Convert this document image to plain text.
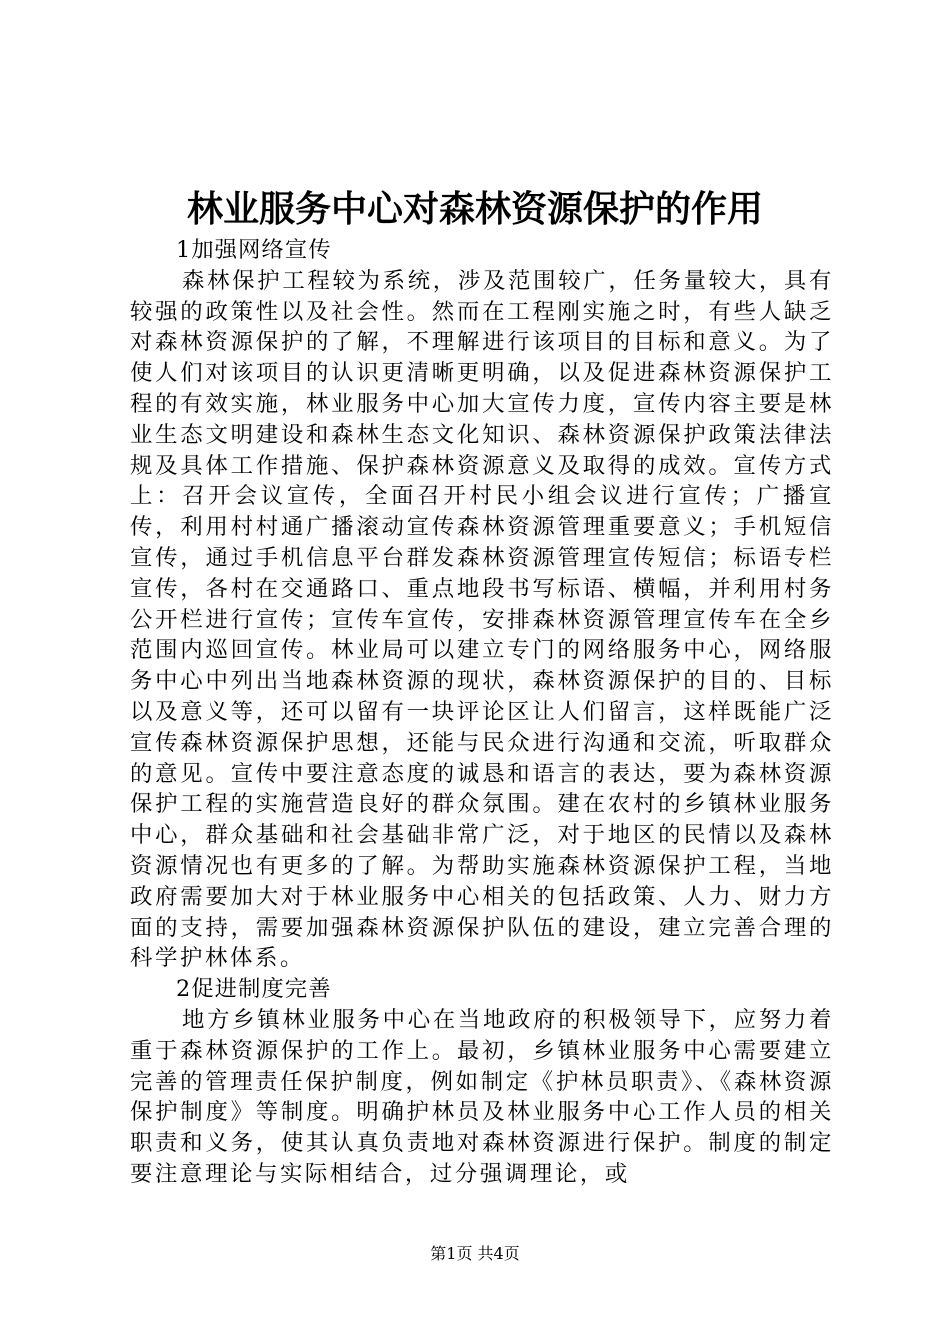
林业服务中心对森林资源保护的作用

1加强网络宣传

森林保护工程较为系统，涉及范围较广，任务量较大，具有较强的政策性以及社会性。然而在工程刚实施之时，有些人缺乏对森林资源保护的了解，不理解进行该项目的目标和意义。为了使人们对该项目的认识更清晰更明确，以及促进森林资源保护工程的有效实施，林业服务中心加大宣传力度，宣传内容主要是林业生态文明建设和森林生态文化知识、森林资源保护政策法律法规及具体工作措施、保护森林资源意义及取得的成效。宣传方式上：召开会议宣传，全面召开村民小组会议进行宣传；广播宣传，利用村村通广播滚动宣传森林资源管理重要意义；手机短信宣传，通过手机信息平台群发森林资源管理宣传短信；标语专栏宣传，各村在交通路口、重点地段书写标语、横幅，并利用村务公开栏进行宣传；宣传车宣传，安排森林资源管理宣传车在全乡范围内巡回宣传。林业局可以建立专门的网络服务中心，网络服务中心中列出当地森林资源的现状，森林资源保护的目的、目标以及意义等，还可以留有一块评论区让人们留言，这样既能广泛宣传森林资源保护思想，还能与民众进行沟通和交流，听取群众的意见。宣传中要注意态度的诚恳和语言的表达，要为森林资源保护工程的实施营造良好的群众氛围。建在农村的乡镇林业服务中心，群众基础和社会基础非常广泛，对于地区的民情以及森林资源情况也有更多的了解。为帮助实施森林资源保护工程，当地政府需要加大对于林业服务中心相关的包括政策、人力、财力方面的支持，需要加强森林资源保护队伍的建设，建立完善合理的科学护林体系。

2促进制度完善

地方乡镇林业服务中心在当地政府的积极领导下，应努力着重于森林资源保护的工作上。最初，乡镇林业服务中心需要建立完善的管理责任保护制度，例如制定《护林员职责》、《森林资源保护制度》等制度。明确护林员及林业服务中心工作人员的相关职责和义务，使其认真负责地对森林资源进行保护。制度的制定要注意理论与实际相结合，过分强调理论，或

第1页 共4页
